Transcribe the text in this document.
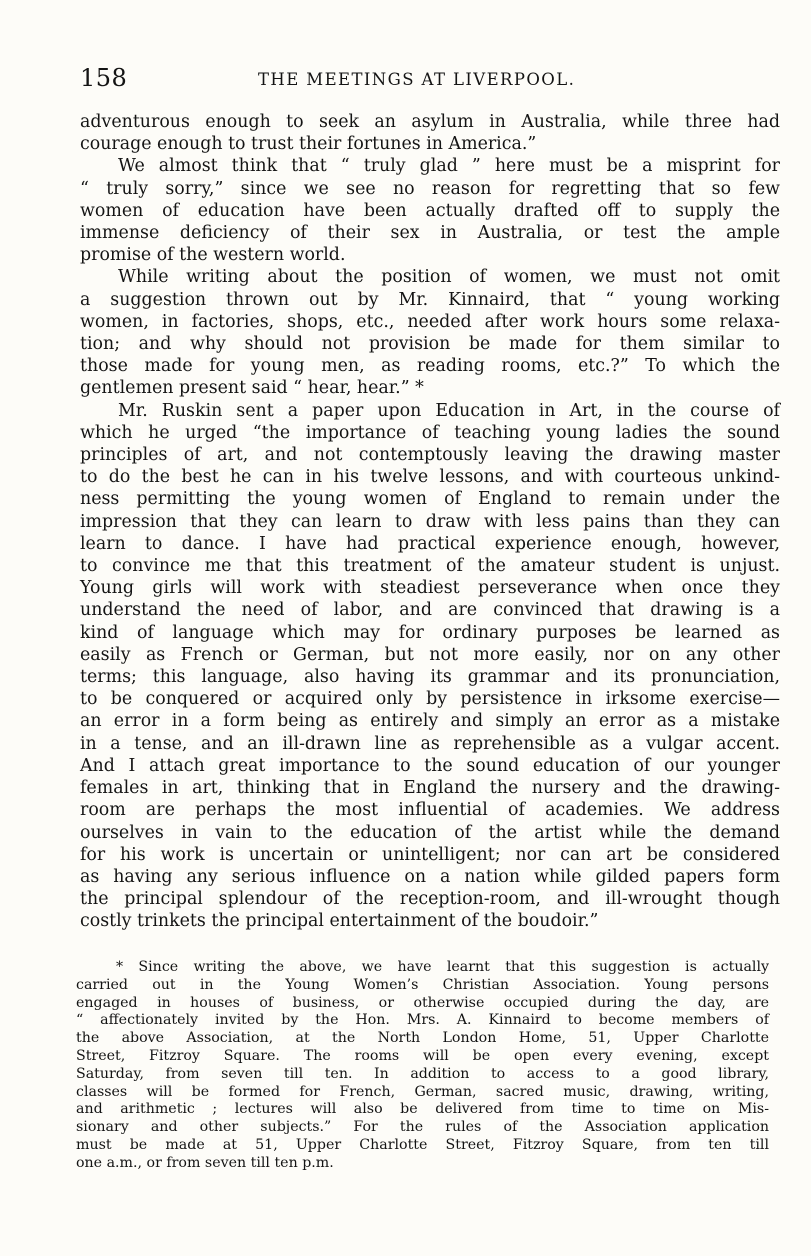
158	THE MEETINGS AT LIVERPOOL.

adventurous enough to seek an asylum in Australia, while three had

courage enough to trust their fortunes in America.”

We almost think that “ truly glad ” here must be a misprint for

“ truly sorry,” since we see no reason for regretting that so few

women of education have been actually drafted off to supply the

immense deficiency of their sex in Australia, or test the ample

promise of the western world.

While writing about the position of women, we must not omit

a suggestion thrown out by Mr. Kinnaird, that “ young working

women, in factories, shops, etc., needed after work hours some relaxa-

tion; and why should not provision be made for them similar to

those made for young men, as reading rooms, etc.?” To which the

gentlemen present said “ hear, hear.” *

Mr. Ruskin sent a paper upon Education in Art, in the course of

which he urged “the importance of teaching young ladies the sound

principles of art, and not contemptously leaving the drawing master

to do the best he can in his twelve lessons, and with courteous unkind-

ness permitting the young women of England to remain under the

impression that they can learn to draw with less pains than they can

learn to dance. I have had practical experience enough, however,

to convince me that this treatment of the amateur student is unjust.

Young girls will work with steadiest perseverance when once they

understand the need of labor, and are convinced that drawing is a

kind of language which may for ordinary purposes be learned as

easily as French or German, but not more easily, nor on any other

terms; this language, also having its grammar and its pronunciation,

to be conquered or acquired only by persistence in irksome exercise—

an error in a form being as entirely and simply an error as a mistake

in a tense, and an ill-drawn line as reprehensible as a vulgar accent.

And I attach great importance to the sound education of our younger

females in art, thinking that in England the nursery and the drawing-

room are perhaps the most influential of academies. We address

ourselves in vain to the education of the artist while the demand

for his work is uncertain or unintelligent; nor can art be considered

as having any serious influence on a nation while gilded papers form

the principal splendour of the reception-room, and ill-wrought though

costly trinkets the principal entertainment of the boudoir.”

* Since writing the above, we have learnt that this suggestion is actually

carried out in the Young Women’s Christian Association. Young persons

engaged in houses of business, or otherwise occupied during the day, are

“ affectionately invited by the Hon. Mrs. A. Kinnaird to become members of

the above Association, at the North London Home, 51, Upper Charlotte

Street, Fitzroy Square. The rooms will be open every evening, except

Saturday, from seven till ten. In addition to access to a good library,

classes will be formed for French, German, sacred music, drawing, writing,

and arithmetic ; lectures will also be delivered from time to time on Mis-

sionary and other subjects.” For the rules of the Association application

must be made at 51, Upper Charlotte Street, Fitzroy Square, from ten till

one a.m., or from seven till ten p.m.
